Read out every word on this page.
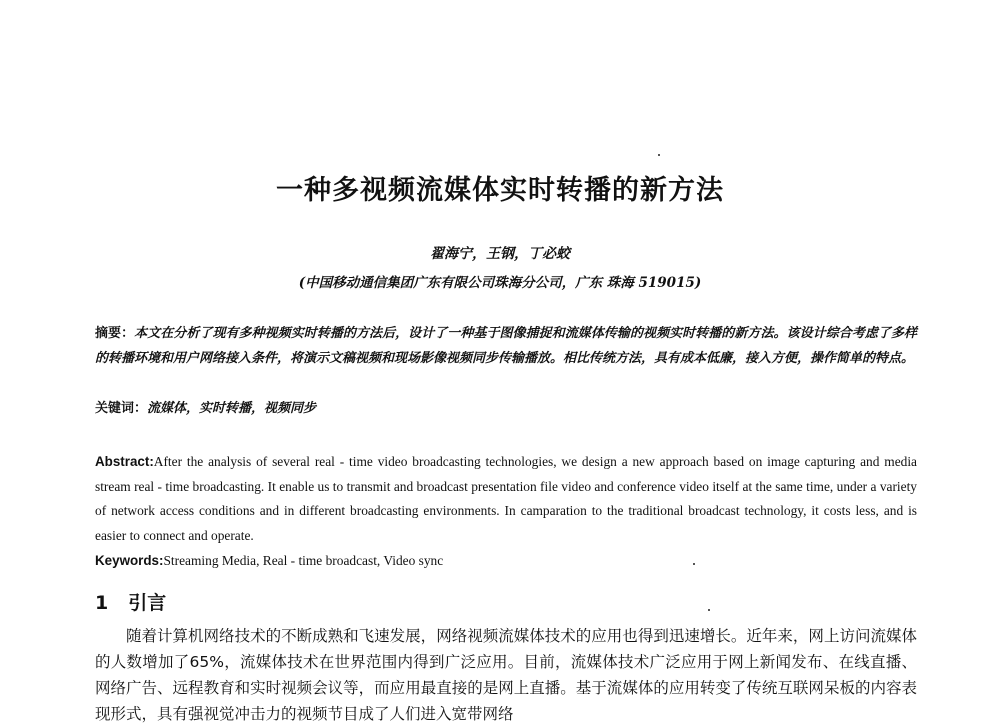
一种多视频流媒体实时转播的新方法
翟海宁，王钢，丁必蛟
(中国移动通信集团广东有限公司珠海分公司，广东 珠海 519015)

摘要：本文在分析了现有多种视频实时转播的方法后，设计了一种基于图像捕捉和流媒体传输的视频实时转播的新方法。该设计综合考虑了多样的转播环境和用户网络接入条件，将演示文稿视频和现场影像视频同步传输播放。相比传统方法，具有成本低廉，接入方便，操作简单的特点。

关键词：流媒体，实时转播，视频同步

Abstract:After the analysis of several real - time video broadcasting technologies, we design a new approach based on image capturing and media stream real - time broadcasting. It enable us to transmit and broadcast presentation file video and conference video itself at the same time, under a variety of network access conditions and in different broadcasting environments. In camparation to the traditional broadcast technology, it costs less, and is easier to connect and operate.

Keywords:Streaming Media, Real - time broadcast, Video sync

1 引言

随着计算机网络技术的不断成熟和飞速发展，网络视频流媒体技术的应用也得到迅速增长。近年来，网上访问流媒体的人数增加了65%，流媒体技术在世界范围内得到广泛应用。目前，流媒体技术广泛应用于网上新闻发布、在线直播、网络广告、远程教育和实时视频会议等，而应用最直接的是网上直播。基于流媒体的应用转变了传统互联网呆板的内容表现形式，具有强视觉冲击力的视频节目成了人们进入宽带网络
